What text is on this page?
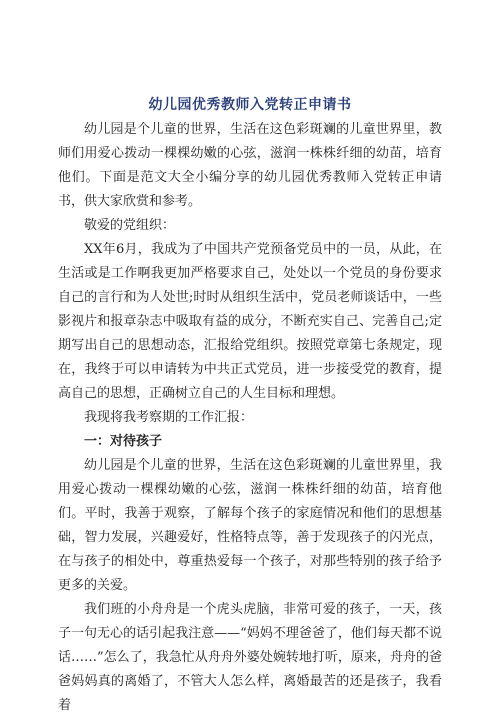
幼儿园优秀教师入党转正申请书

幼儿园是个儿童的世界，生活在这色彩斑斓的儿童世界里，教师们用爱心拨动一棵棵幼嫩的心弦，滋润一株株纤细的幼苗，培育他们。下面是范文大全小编分享的幼儿园优秀教师入党转正申请书，供大家欣赏和参考。

敬爱的党组织：

XX年6月，我成为了中国共产党预备党员中的一员，从此，在生活或是工作啊我更加严格要求自己，处处以一个党员的身份要求自己的言行和为人处世;时时从组织生活中，党员老师谈话中，一些影视片和报章杂志中吸取有益的成分，不断充实自己、完善自己;定期写出自己的思想动态，汇报给党组织。按照党章第七条规定，现在，我终于可以申请转为中共正式党员，进一步接受党的教育，提高自己的思想，正确树立自己的人生目标和理想。

我现将我考察期的工作汇报：

一：对待孩子

幼儿园是个儿童的世界，生活在这色彩斑斓的儿童世界里，我用爱心拨动一棵棵幼嫩的心弦，滋润一株株纤细的幼苗，培育他们。平时，我善于观察，了解每个孩子的家庭情况和他们的思想基础，智力发展，兴趣爱好，性格特点等，善于发现孩子的闪光点，在与孩子的相处中，尊重热爱每一个孩子，对那些特别的孩子给予更多的关爱。

我们班的小舟舟是一个虎头虎脑，非常可爱的孩子，一天，孩子一句无心的话引起我注意——“妈妈不理爸爸了，他们每天都不说话……”怎么了，我急忙从舟舟外婆处婉转地打听，原来，舟舟的爸爸妈妈真的离婚了，不管大人怎么样，离婚最苦的还是孩子，我看着
